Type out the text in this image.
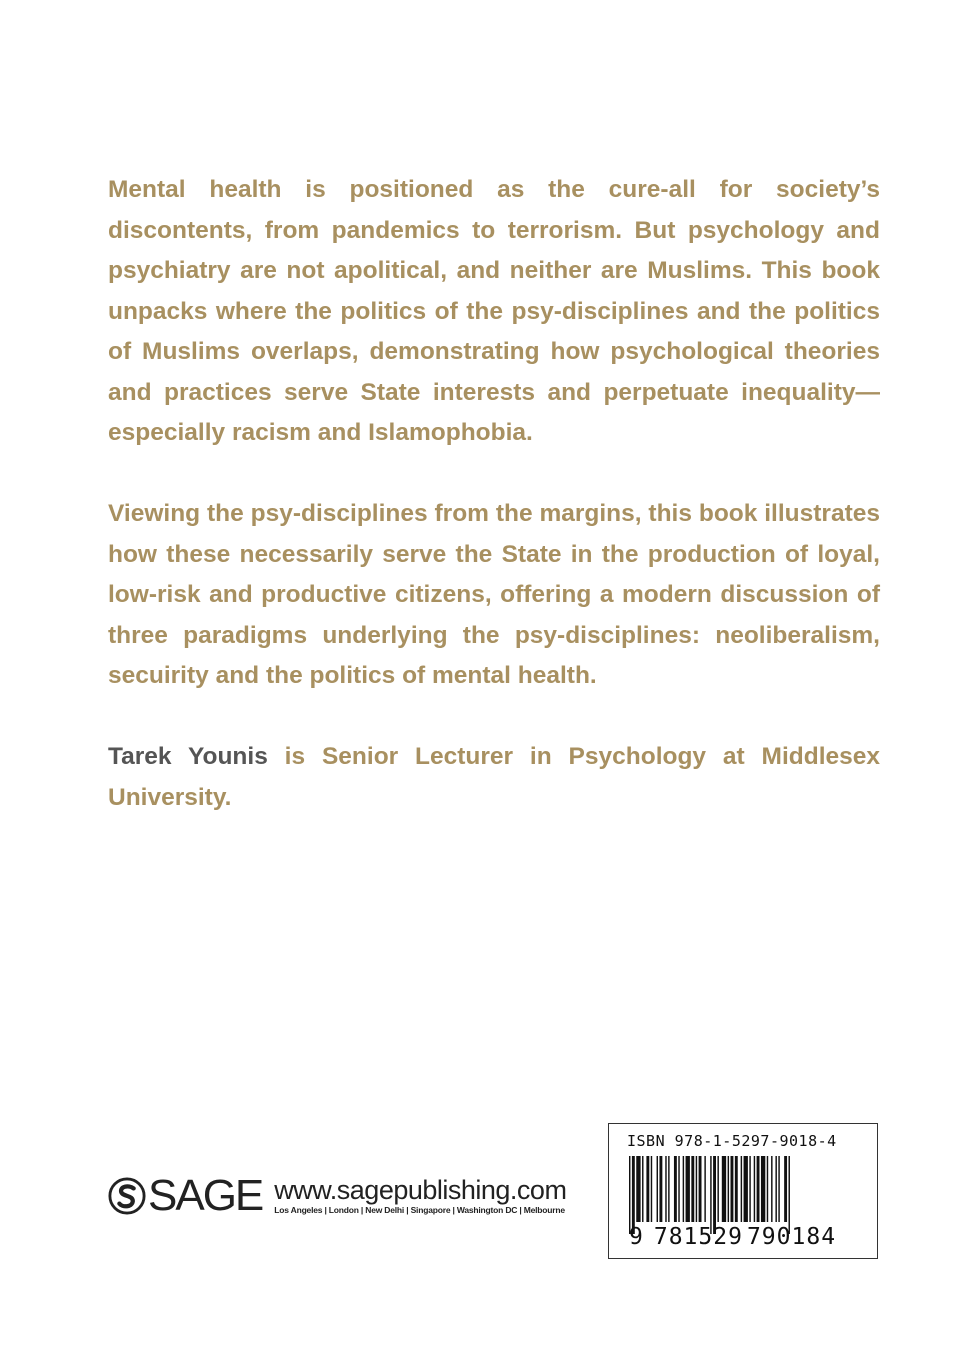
Mental health is positioned as the cure-all for society’s discontents, from pandemics to terrorism. But psychology and psychiatry are not apolitical, and neither are Muslims. This book unpacks where the politics of the psy-disciplines and the politics of Muslims overlaps, demonstrating how psychological theories and practices serve State interests and perpetuate inequality—especially racism and Islamophobia.

Viewing the psy-disciplines from the margins, this book illustrates how these necessarily serve the State in the production of loyal, low-risk and productive citizens, offering a modern discussion of three paradigms underlying the psy-disciplines: neoliberalism, secuirity and the politics of mental health.

Tarek Younis is Senior Lecturer in Psychology at Middlesex University.

SAGE www.sagepublishing.com
Los Angeles | London | New Delhi | Singapore | Washington DC | Melbourne
ISBN 978-1-5297-9018-4
9 781529 790184
